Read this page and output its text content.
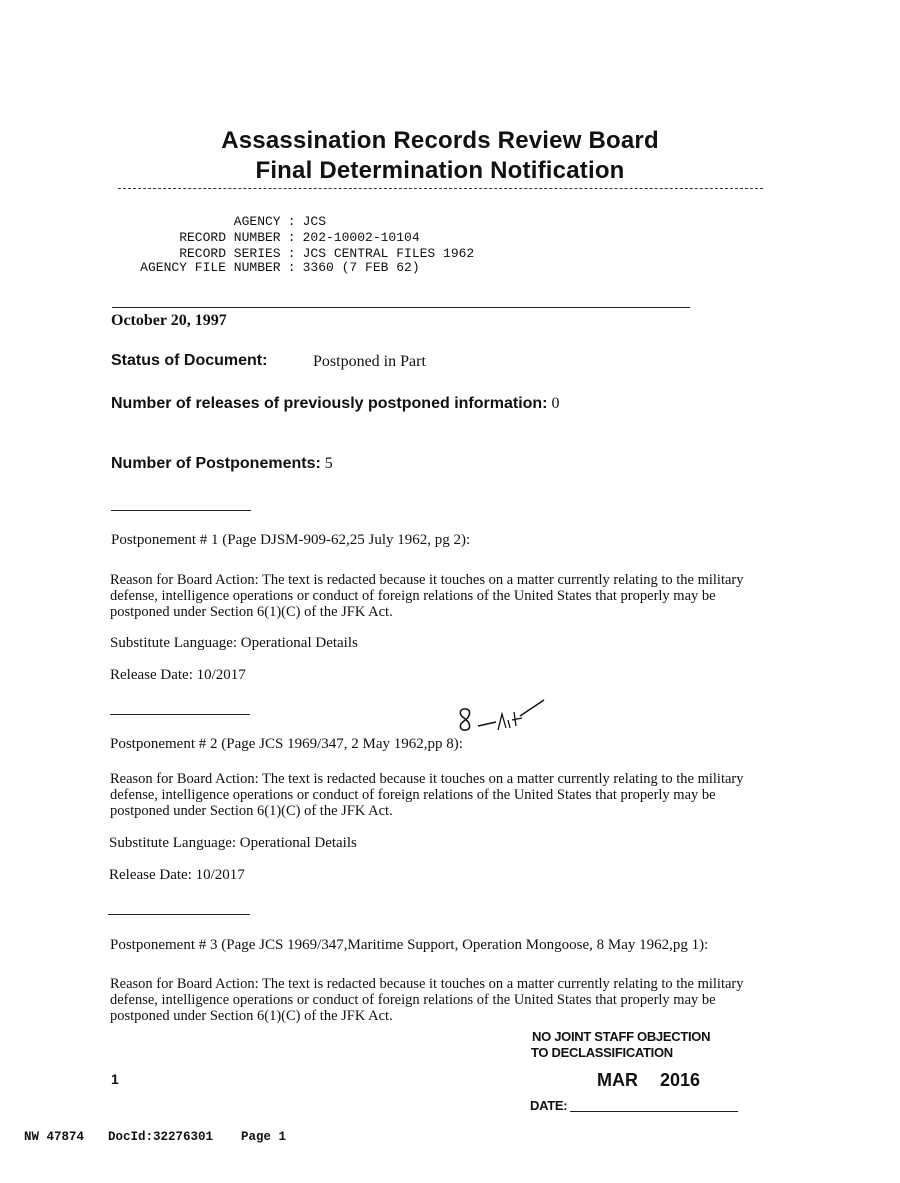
Assassination Records Review Board
Final Determination Notification

AGENCY : JCS

RECORD NUMBER : 202-10002-10104

RECORD SERIES : JCS CENTRAL FILES 1962

AGENCY FILE NUMBER : 3360 (7 FEB 62)

October 20, 1997
Status of Document:	Postponed in Part
Number of releases of previously postponed information: 0
Number of Postponements: 5
Postponement # 1 (Page DJSM-909-62,25 July 1962, pg 2):
Reason for Board Action: The text is redacted because it touches on a matter currently relating to the military defense, intelligence operations or conduct of foreign relations of the United States that properly may be postponed under Section 6(1)(C) of the JFK Act.
Substitute Language: Operational Details
Release Date: 10/2017
Postponement # 2 (Page JCS 1969/347, 2 May 1962,pp 8):
Reason for Board Action: The text is redacted because it touches on a matter currently relating to the military defense, intelligence operations or conduct of foreign relations of the United States that properly may be postponed under Section 6(1)(C) of the JFK Act.
Substitute Language: Operational Details
Release Date: 10/2017
Postponement # 3 (Page JCS 1969/347,Maritime Support, Operation Mongoose, 8 May 1962,pg 1):
Reason for Board Action: The text is redacted because it touches on a matter currently relating to the military defense, intelligence operations or conduct of foreign relations of the United States that properly may be postponed under Section 6(1)(C) of the JFK Act.
1
NO JOINT STAFF OBJECTION
TO DECLASSIFICATION
MAR 2016
DATE:
NW 47874 DocId:32276301 Page 1
